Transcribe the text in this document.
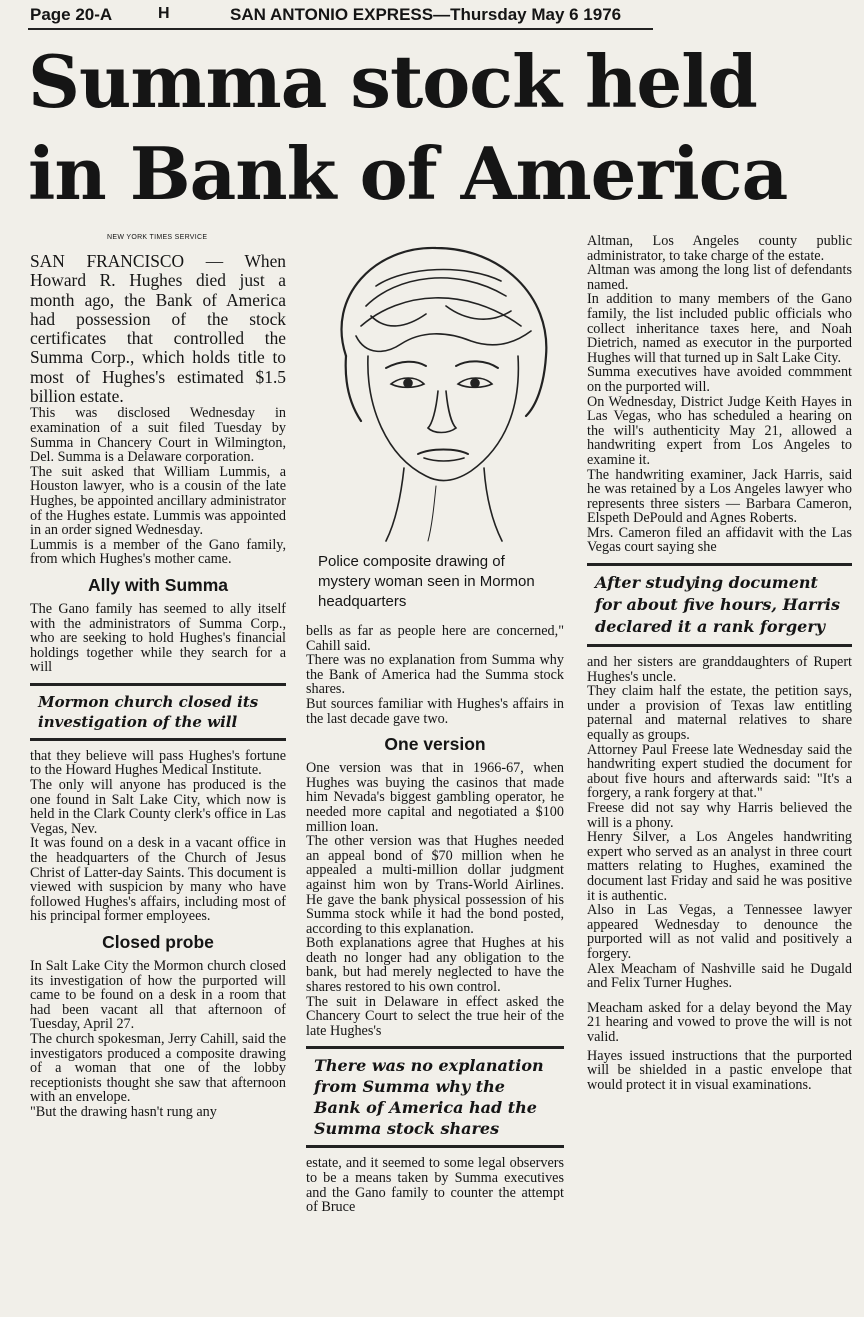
Page 20-A	H	SAN ANTONIO EXPRESS—Thursday May 6 1976
Summa stock held
in Bank of America
NEW YORK TIMES SERVICE

SAN FRANCISCO — When Howard R. Hughes died just a month ago, the Bank of America had possession of the stock certificates that controlled the Summa Corp., which holds title to most of Hughes's estimated $1.5 billion estate.

This was disclosed Wednesday in examination of a suit filed Tuesday by Summa in Chancery Court in Wilmington, Del. Summa is a Delaware corporation.

The suit asked that William Lummis, a Houston lawyer, who is a cousin of the late Hughes, be appointed ancillary administrator of the Hughes estate. Lummis was appointed in an order signed Wednesday.

Lummis is a member of the Gano family, from which Hughes's mother came.

Ally with Summa

The Gano family has seemed to ally itself with the administrators of Summa Corp., who are seeking to hold Hughes's financial holdings together while they search for a will

Mormon church closed its investigation of the will

that they believe will pass Hughes's fortune to the Howard Hughes Medical Institute.

The only will anyone has produced is the one found in Salt Lake City, which now is held in the Clark County clerk's office in Las Vegas, Nev.

It was found on a desk in a vacant office in the headquarters of the Church of Jesus Christ of Latter-day Saints. This document is viewed with suspicion by many who have followed Hughes's affairs, including most of his principal former employees.

Closed probe

In Salt Lake City the Mormon church closed its investigation of how the purported will came to be found on a desk in a room that had been vacant all that afternoon of Tuesday, April 27.

The church spokesman, Jerry Cahill, said the investigators produced a composite drawing of a woman that one of the lobby receptionists thought she saw that afternoon with an envelope.

"But the drawing hasn't rung any

Police composite drawing of mystery woman seen in Mormon headquarters

bells as far as people here are concerned," Cahill said.

There was no explanation from Summa why the Bank of America had the Summa stock shares.

But sources familiar with Hughes's affairs in the last decade gave two.

One version

One version was that in 1966-67, when Hughes was buying the casinos that made him Nevada's biggest gambling operator, he needed more capital and negotiated a $100 million loan.

The other version was that Hughes needed an appeal bond of $70 million when he appealed a multi-million dollar judgment against him won by Trans-World Airlines. He gave the bank physical possession of his Summa stock while it had the bond posted, according to this explanation.

Both explanations agree that Hughes at his death no longer had any obligation to the bank, but had merely neglected to have the shares restored to his own control.

The suit in Delaware in effect asked the Chancery Court to select the true heir of the late Hughes's

There was no explanation from Summa why the Bank of America had the Summa stock shares

estate, and it seemed to some legal observers to be a means taken by Summa executives and the Gano family to counter the attempt of Bruce

Altman, Los Angeles county public administrator, to take charge of the estate.

Altman was among the long list of defendants named.

In addition to many members of the Gano family, the list included public officials who collect inheritance taxes here, and Noah Dietrich, named as executor in the purported Hughes will that turned up in Salt Lake City.

Summa executives have avoided commment on the purported will.

On Wednesday, District Judge Keith Hayes in Las Vegas, who has scheduled a hearing on the will's authenticity May 21, allowed a handwriting expert from Los Angeles to examine it.

The handwriting examiner, Jack Harris, said he was retained by a Los Angeles lawyer who represents three sisters — Barbara Cameron, Elspeth DePould and Agnes Roberts.

Mrs. Cameron filed an affidavit with the Las Vegas court saying she

After studying document for about five hours, Harris declared it a rank forgery

and her sisters are granddaughters of Rupert Hughes's uncle.

They claim half the estate, the petition says, under a provision of Texas law entitling paternal and maternal relatives to share equally as groups.

Attorney Paul Freese late Wednesday said the handwriting expert studied the document for about five hours and afterwards said: "It's a forgery, a rank forgery at that."

Freese did not say why Harris believed the will is a phony.

Henry Silver, a Los Angeles handwriting expert who served as an analyst in three court matters relating to Hughes, examined the document last Friday and said he was positive it is authentic.

Also in Las Vegas, a Tennessee lawyer appeared Wednesday to denounce the purported will as not valid and positively a forgery.

Alex Meacham of Nashville said he Dugald and Felix Turner Hughes.

Meacham asked for a delay beyond the May 21 hearing and vowed to prove the will is not valid.

Hayes issued instructions that the purported will be shielded in a pastic envelope that would protect it in visual examinations.
